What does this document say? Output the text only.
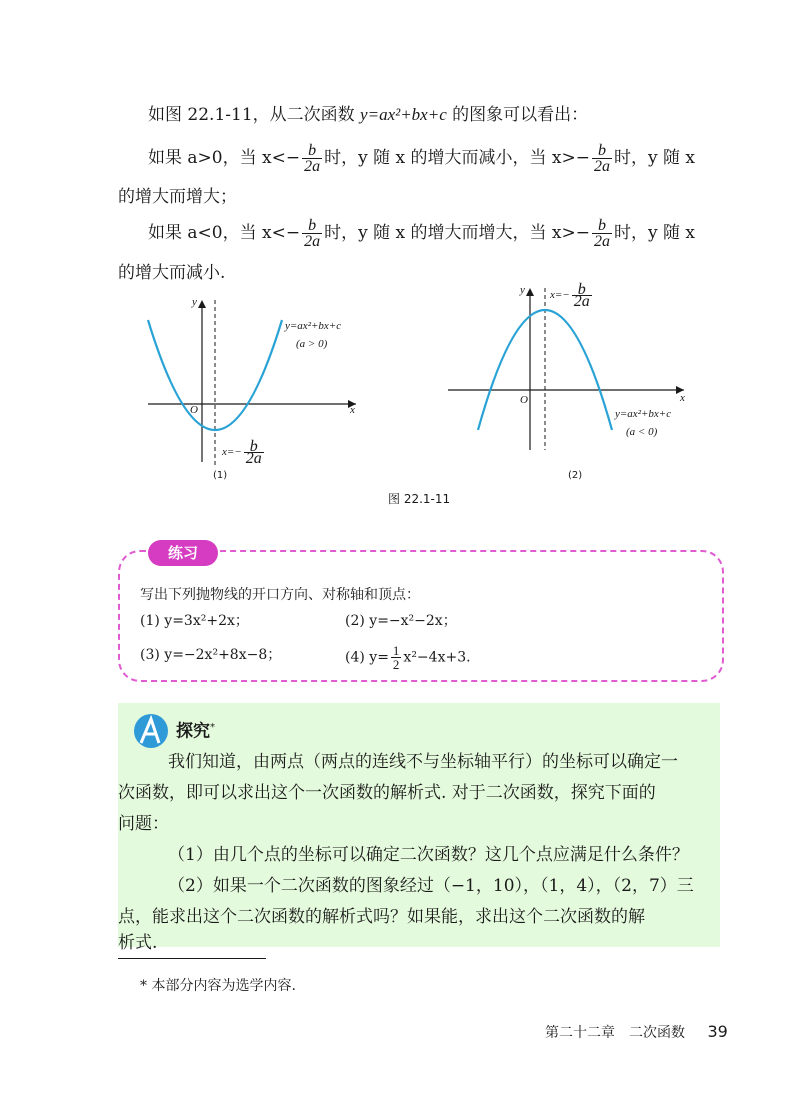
如图 22.1-11，从二次函数 y=ax²+bx+c 的图象可以看出：
如果 a>0，当 $x<- \frac{b}{2a}$ 时，y 随 x 的增大而减小，当 $x>- \frac{b}{2a}$ 时，y 随 x
的增大而增大；
如果 a<0，当 $x<- \frac{b}{2a}$ 时，y 随 x 的增大而增大，当 $x>- \frac{b}{2a}$ 时，y 随 x
的增大而减小.
y
x
O
y=ax²+bx+c
(a > 0)
$x=- \frac{b}{2a}$
(1)
y
x
O
$x=- \frac{b}{2a}$
y=ax²+bx+c
(a < 0)
(2)
图 22.1-11
练习
写出下列抛物线的开口方向、对称轴和顶点：
(1) y=3x²+2x；	(2) y=−x²−2x；
(3) y=−2x²+8x−8；	(4) $y= \frac{1}{2} x^2-4x+3$.
探究*
我们知道，由两点（两点的连线不与坐标轴平行）的坐标可以确定一
次函数，即可以求出这个一次函数的解析式. 对于二次函数，探究下面的
问题：
（1）由几个点的坐标可以确定二次函数？这几个点应满足什么条件？
（2）如果一个二次函数的图象经过（−1，10），（1，4），（2，7）三
点，能求出这个二次函数的解析式吗？如果能，求出这个二次函数的解
析式.
* 本部分内容为选学内容.
第二十二章　二次函数 39
